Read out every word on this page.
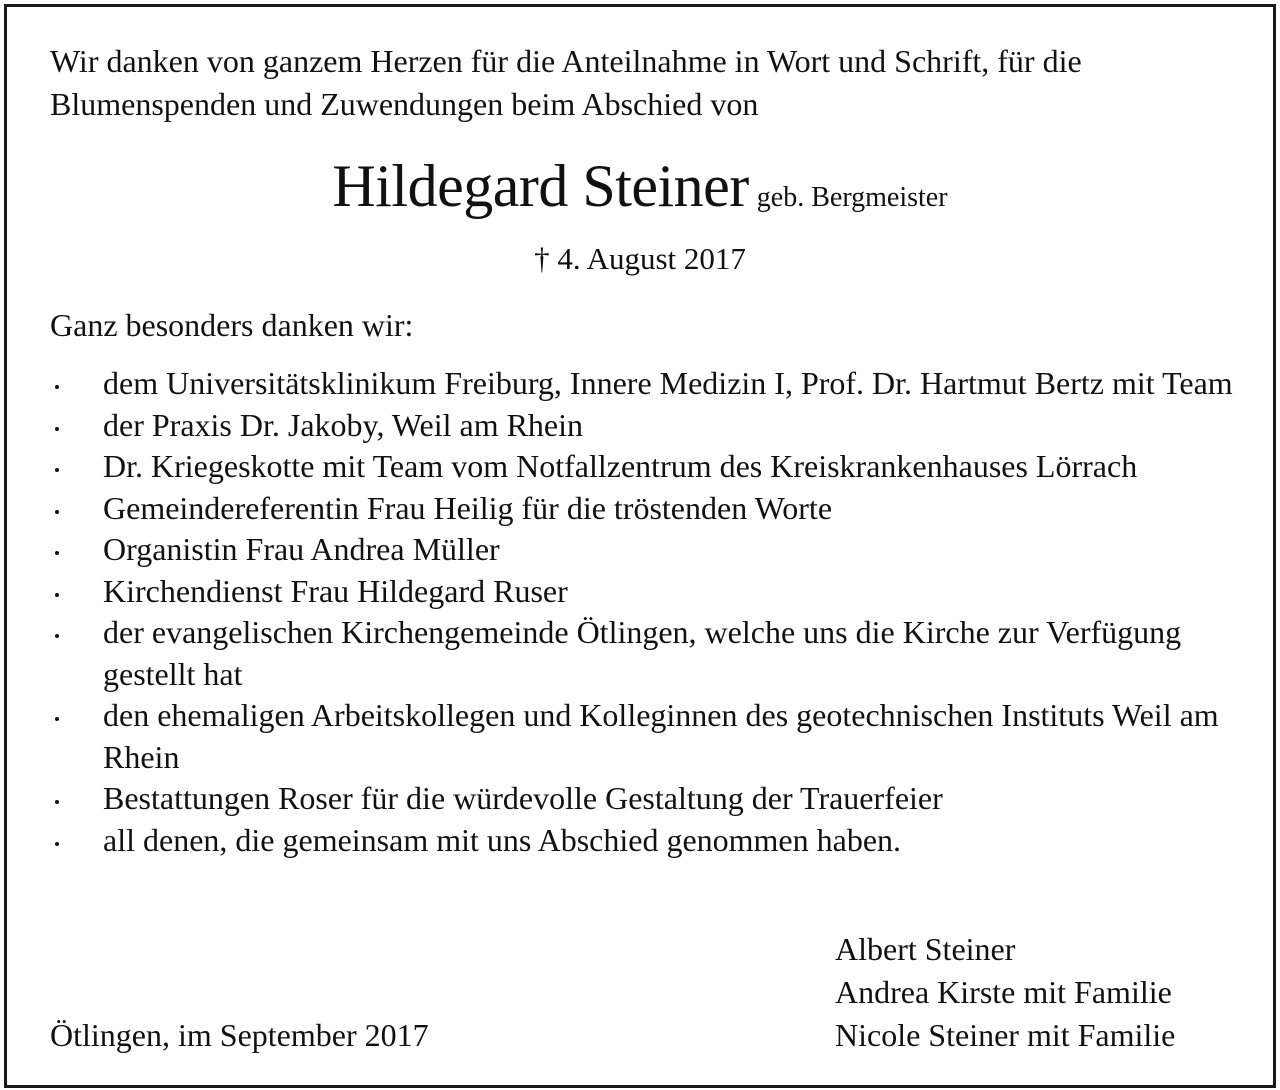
Wir danken von ganzem Herzen für die Anteilnahme in Wort und Schrift, für die Blumenspenden und Zuwendungen beim Abschied von

Hildegard Steiner geb. Bergmeister
† 4. August 2017
Ganz besonders danken wir:
dem Universitätsklinikum Freiburg, Innere Medizin I, Prof. Dr. Hartmut Bertz mit Team
der Praxis Dr. Jakoby, Weil am Rhein
Dr. Kriegeskotte mit Team vom Notfallzentrum des Kreiskrankenhauses Lörrach
Gemeindereferentin Frau Heilig für die tröstenden Worte
Organistin Frau Andrea Müller
Kirchendienst Frau Hildegard Ruser
der evangelischen Kirchengemeinde Ötlingen, welche uns die Kirche zur Verfügung gestellt hat
den ehemaligen Arbeitskollegen und Kolleginnen des geotechnischen Instituts Weil am Rhein
Bestattungen Roser für die würdevolle Gestaltung der Trauerfeier
all denen, die gemeinsam mit uns Abschied genommen haben.
Albert Steiner
Andrea Kirste mit Familie
Nicole Steiner mit Familie
Ötlingen, im September 2017
